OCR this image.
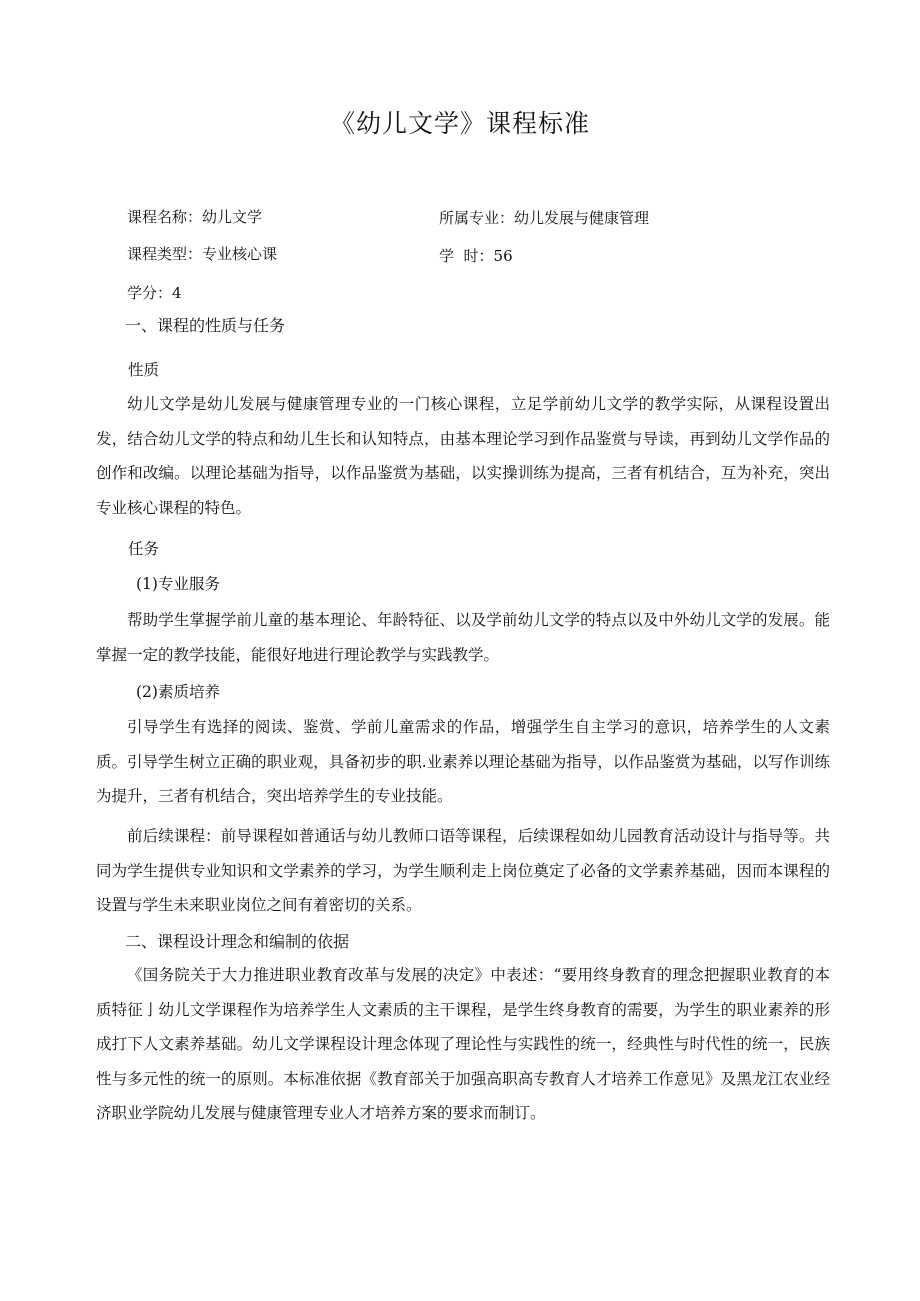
《幼儿文学》课程标准
课程名称：幼儿文学	所属专业：幼儿发展与健康管理
课程类型：专业核心课	学  时：56
学分：4
一、课程的性质与任务
性质
幼儿文学是幼儿发展与健康管理专业的一门核心课程，立足学前幼儿文学的教学实际，从课程设置出发，结合幼儿文学的特点和幼儿生长和认知特点，由基本理论学习到作品鉴赏与导读，再到幼儿文学作品的创作和改编。以理论基础为指导，以作品鉴赏为基础，以实操训练为提高，三者有机结合，互为补充，突出专业核心课程的特色。
任务
(1)专业服务
帮助学生掌握学前儿童的基本理论、年龄特征、以及学前幼儿文学的特点以及中外幼儿文学的发展。能掌握一定的教学技能，能很好地进行理论教学与实践教学。
(2)素质培养
引导学生有选择的阅读、鉴赏、学前儿童需求的作品，增强学生自主学习的意识，培养学生的人文素质。引导学生树立正确的职业观，具备初步的职.业素养以理论基础为指导，以作品鉴赏为基础，以写作训练为提升，三者有机结合，突出培养学生的专业技能。
前后续课程：前导课程如普通话与幼儿教师口语等课程，后续课程如幼儿园教育活动设计与指导等。共同为学生提供专业知识和文学素养的学习，为学生顺利走上岗位奠定了必备的文学素养基础，因而本课程的设置与学生未来职业岗位之间有着密切的关系。
二、课程设计理念和编制的依据
《国务院关于大力推进职业教育改革与发展的决定》中表述：“要用终身教育的理念把握职业教育的本质特征亅幼儿文学课程作为培养学生人文素质的主干课程，是学生终身教育的需要，为学生的职业素养的形成打下人文素养基础。幼儿文学课程设计理念体现了理论性与实践性的统一，经典性与时代性的统一，民族性与多元性的统一的原则。本标准依据《教育部关于加强高职高专教育人才培养工作意见》及黑龙江农业经济职业学院幼儿发展与健康管理专业人才培养方案的要求而制订。
